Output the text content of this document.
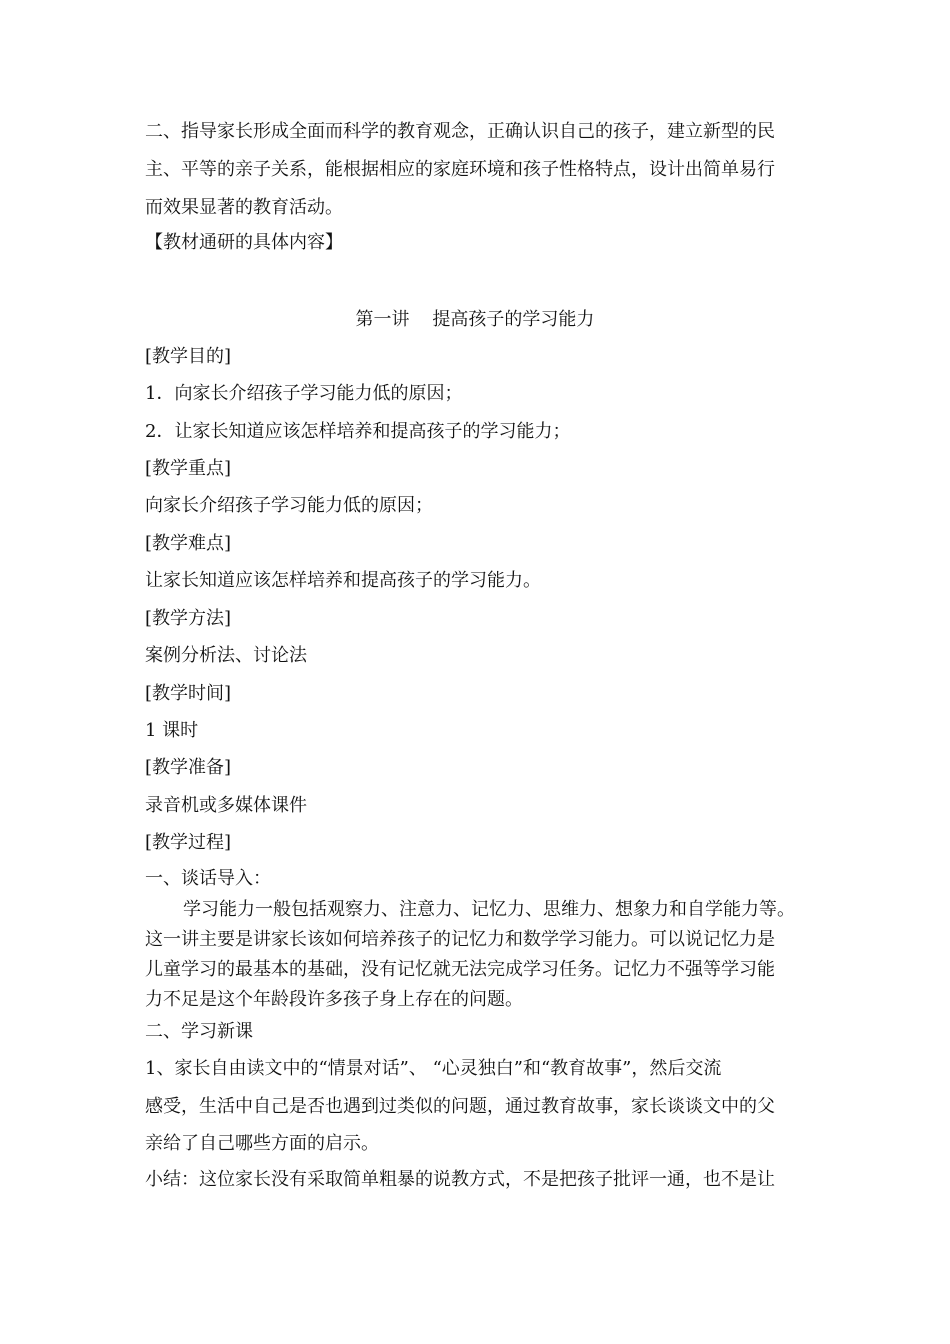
二、指导家长形成全面而科学的教育观念，正确认识自己的孩子，建立新型的民
主、平等的亲子关系，能根据相应的家庭环境和孩子性格特点，设计出简单易行
而效果显著的教育活动。
【教材通研的具体内容】
第一讲    提高孩子的学习能力
[教学目的]
1．向家长介绍孩子学习能力低的原因；
2．让家长知道应该怎样培养和提高孩子的学习能力；
[教学重点]
向家长介绍孩子学习能力低的原因；
[教学难点]
让家长知道应该怎样培养和提高孩子的学习能力。
[教学方法]
案例分析法、讨论法
[教学时间]
1 课时
[教学准备]
录音机或多媒体课件
[教学过程]
一、谈话导入：
学习能力一般包括观察力、注意力、记忆力、思维力、想象力和自学能力等。
这一讲主要是讲家长该如何培养孩子的记忆力和数学学习能力。可以说记忆力是
儿童学习的最基本的基础，没有记忆就无法完成学习任务。记忆力不强等学习能
力不足是这个年龄段许多孩子身上存在的问题。
二、学习新课
1、家长自由读文中的“情景对话”、 “心灵独白”和“教育故事”，然后交流
感受，生活中自己是否也遇到过类似的问题，通过教育故事，家长谈谈文中的父
亲给了自己哪些方面的启示。
小结：这位家长没有采取简单粗暴的说教方式，不是把孩子批评一通，也不是让
